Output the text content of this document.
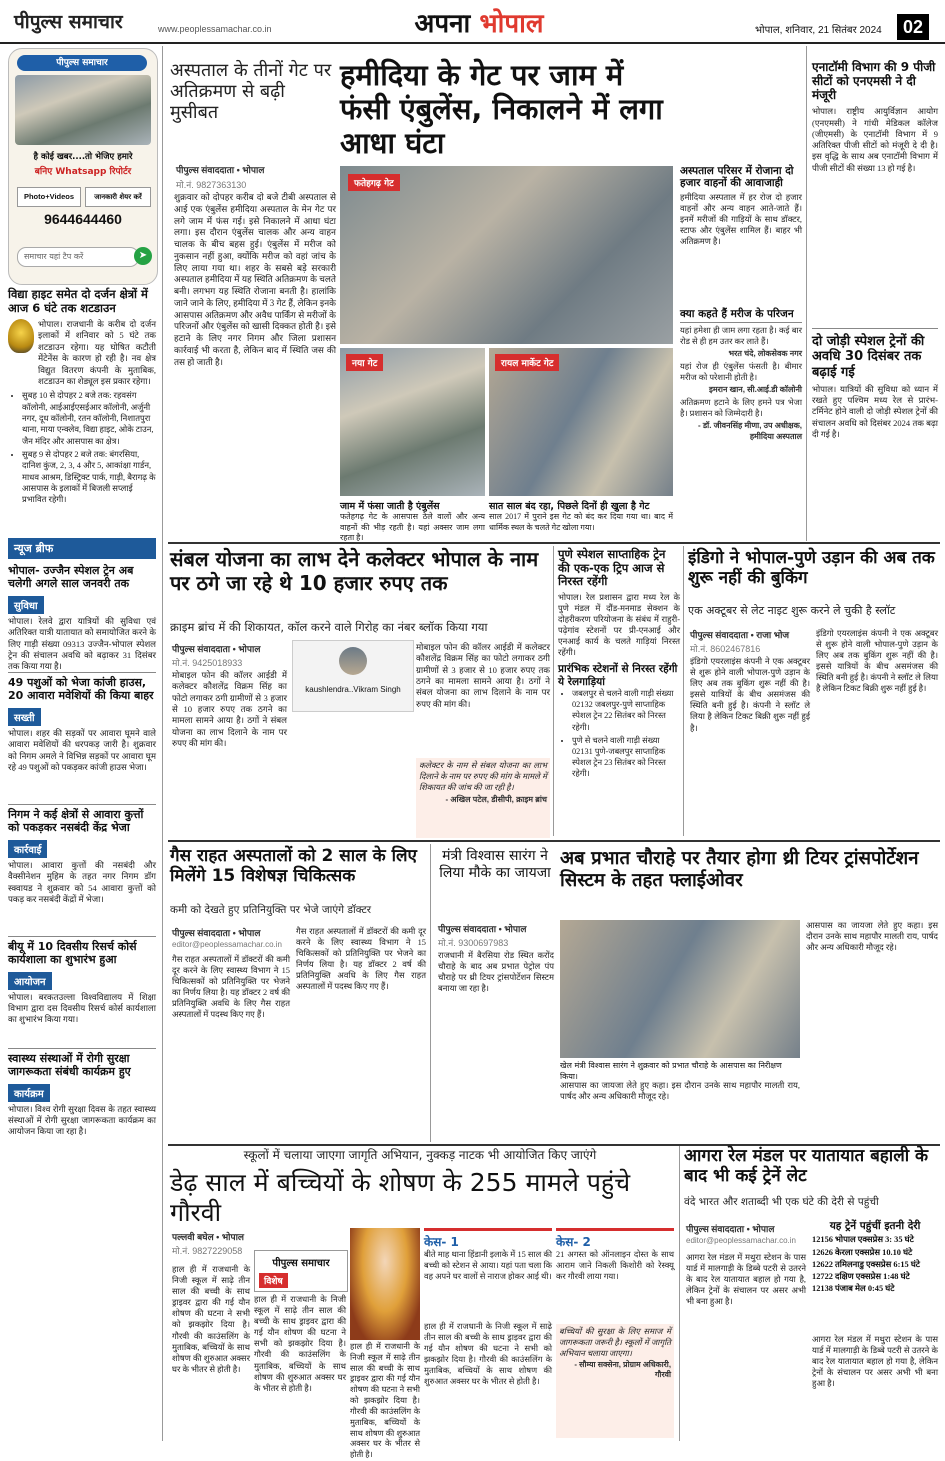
पीपुल्स समाचार	www.peoplessamachar.co.in	अपना भोपाल	भोपाल, शनिवार, 21 सितंबर 2024	02
पीपुल्स समाचार
है कोई खबर....तो भेजिए हमारे
बनिए Whatsapp रिपोर्टर
Photo+Videos	जानकारी शेयर करें
9644644460
समाचार यहां टैप करें	➤
विद्या हाइट समेत दो दर्जन क्षेत्रों में आज 6 घंटे तक शटडाउन
भोपाल। राजधानी के करीब दो दर्जन इलाकों में शनिवार को 5 घंटे तक शटडाउन रहेगा। यह घोषित कटौती मेंटेनेंस के कारण हो रही है। नव क्षेत्र विद्युत वितरण कंपनी के मुताबिक, शटडाउन का शेड्यूल इस प्रकार रहेगा।
• सुबह 10 से दोपहर 2 बजे तक: रहवसंग कॉलोनी, आईआईएसईआर कॉलोनी, अर्जुनी नगर, दूध कॉलोनी, रतन कॉलोनी, निशातपुरा थाना, माया एन्क्लेव, विद्या हाइट, ओके टाउन, जैन मंदिर और आसपास का क्षेत्र।
• सुबह 9 से दोपहर 2 बजे तक: बंगरसिया, दानिश कुंज, 2, 3, 4 और 5, आकांक्षा गार्डन, माधव आश्रम, डिस्ट्रिक्ट पार्क, गाड़ी, बैरागढ़ के आसपास के इलाकों में बिजली सप्लाई प्रभावित रहेगी।
न्यूज ब्रीफ
भोपाल- उज्जैन स्पेशल ट्रेन अब चलेगी अगले साल जनवरी तक
सुविधा
भोपाल। रेलवे द्वारा यात्रियों की सुविधा एवं अतिरिक्त यात्री यातायात को समायोजित करने के लिए गाड़ी संख्या 09313 उज्जैन-भोपाल स्पेशल ट्रेन की संचालन अवधि को बढ़ाकर 31 दिसंबर तक किया गया है।
49 पशुओं को भेजा कांजी हाउस, 20 आवारा मवेशियों की किया बाहर
सख्ती
भोपाल। शहर की सड़कों पर आवारा घूमने वाले आवारा मवेशियों की धरपकड़ जारी है। शुक्रवार को निगम अमले ने विभिन्न सड़कों पर आवारा घूम रहे 49 पशुओं को पकड़कर कांजी हाउस भेजा।
निगम ने कई क्षेत्रों से आवारा कुत्तों को पकड़कर नसबंदी केंद्र भेजा
कार्रवाई
भोपाल। आवारा कुत्तों की नसबंदी और वैक्सीनेशन मुहिम के तहत नगर निगम डॉग स्क्वायड ने शुक्रवार को 54 आवारा कुत्तों को पकड़ कर नसबंदी केंद्रों में भेजा।
बीयू में 10 दिवसीय रिसर्च कोर्स कार्यशाला का शुभारंभ हुआ
आयोजन
भोपाल। बरकतउल्ला विश्वविद्यालय में शिक्षा विभाग द्वारा दस दिवसीय रिसर्च कोर्स कार्यशाला का शुभारंभ किया गया।
स्वास्थ्य संस्थाओं में रोगी सुरक्षा जागरूकता संबंधी कार्यक्रम हुए
कार्यक्रम
भोपाल। विश्व रोगी सुरक्षा दिवस के तहत स्वास्थ्य संस्थाओं में रोगी सुरक्षा जागरूकता कार्यक्रम का आयोजन किया जा रहा है।
अस्पताल के तीनों गेट पर अतिक्रमण से बढ़ी मुसीबत
हमीदिया के गेट पर जाम में फंसी एंबुलेंस, निकालने में लगा आधा घंटा
पीपुल्स संवाददाता • भोपाल
मो.नं. 9827363130
शुक्रवार को दोपहर करीब दो बजे टीबी अस्पताल से आई एक एंबुलेंस हमीदिया अस्पताल के मेन गेट पर लगे जाम में फंस गई। इसे निकालने में आधा घंटा लगा। इस दौरान एंबुलेंस चालक और अन्य वाहन चालक के बीच बहस हुई। एंबुलेंस में मरीज को नुकसान नहीं हुआ, क्योंकि मरीज को वहां जांच के लिए लाया गया था। शहर के सबसे बड़े सरकारी अस्पताल हमीदिया में यह स्थिति अतिक्रमण के चलते बनी। लगभग यह स्थिति रोजाना बनती है। हालांकि जाने जाने के लिए, हमीदिया में 3 गेट हैं, लेकिन इनके आसपास अतिक्रमण और अवैध पार्किंग से मरीजों के परिजनों और एंबुलेंस को खासी दिक्कत होती है। इसे हटाने के लिए नगर निगम और जिला प्रशासन कार्रवाई भी करता है, लेकिन बाद में स्थिति जस की तस हो जाती है।
फतेहगढ़ गेट
नया गेट	रायल मार्केट गेट
जाम में फंसा जाती है एंबुलेंस
फतेहगढ़ गेट के आसपास ठेले वालों और अन्य वाहनों की भीड़ रहती है। यहां अक्सर जाम लगा रहता है।
सात साल बंद रहा, पिछले दिनों ही खुला है गेट
साल 2017 में पुराने इस गेट को बंद कर दिया गया था। बाद में धार्मिक स्थल के चलते गेट खोला गया।
अस्पताल परिसर में रोजाना दो हजार वाहनों की आवाजाही
हमीदिया अस्पताल में हर रोज दो हजार वाहनों और अन्य वाहन आते-जाते हैं। इनमें मरीजों की गाड़ियों के साथ डॉक्टर, स्टाफ और एंबुलेंस शामिल हैं। बाहर भी अतिक्रमण है।
क्या कहते हैं मरीज के परिजन
यहां हमेशा ही जाम लगा रहता है। कई बार रोड से ही हम उतर कर लाते हैं।
भरत चंदे, लोकसेवक नगर
यहां रोज ही एंबुलेंस फंसती है। बीमार मरीज को परेशानी होती है।
इमरान खान, सी.आई.डी कॉलोनी
अतिक्रमण हटाने के लिए हमने पत्र भेजा है। प्रशासन को जिम्मेदारी है।
- डॉ. जीवनसिंह मीणा, उप अधीक्षक, हमीदिया अस्पताल
एनाटॉमी विभाग की 9 पीजी सीटों को एनएमसी ने दी मंजूरी
भोपाल। राष्ट्रीय आयुर्विज्ञान आयोग (एनएमसी) ने गांधी मेडिकल कॉलेज (जीएमसी) के एनाटॉमी विभाग में 9 अतिरिक्त पीजी सीटों को मंजूरी दे दी है। इस वृद्धि के साथ अब एनाटॉमी विभाग में पीजी सीटों की संख्या 13 हो गई है।
दो जोड़ी स्पेशल ट्रेनों की अवधि 30 दिसंबर तक बढ़ाई गई
भोपाल। यात्रियों की सुविधा को ध्यान में रखते हुए पश्चिम मध्य रेल से प्रारंभ-टर्मिनेट होने वाली दो जोड़ी स्पेशल ट्रेनों की संचालन अवधि को दिसंबर 2024 तक बढ़ा दी गई है।
संबल योजना का लाभ देने कलेक्टर भोपाल के नाम पर ठगे जा रहे थे 10 हजार रुपए तक
क्राइम ब्रांच में की शिकायत, कॉल करने वाले गिरोह का नंबर ब्लॉक किया गया
पीपुल्स संवाददाता • भोपाल
मो.नं. 9425018933
मोबाइल फोन की कॉलर आईडी में कलेक्टर कौशलेंद्र विक्रम सिंह का फोटो लगाकर ठगी ग्रामीणों से 3 हजार से 10 हजार रुपए तक ठगने का मामला सामने आया है। ठगों ने संबल योजना का लाभ दिलाने के नाम पर रुपए की मांग की।
kaushlendra..Vikram Singh
मोबाइल फोन की कॉलर आईडी में कलेक्टर कौशलेंद्र विक्रम सिंह का फोटो लगाकर ठगी ग्रामीणों से 3 हजार से 10 हजार रुपए तक ठगने का मामला सामने आया है। ठगों ने संबल योजना का लाभ दिलाने के नाम पर रुपए की मांग की।
कलेक्टर के नाम से संबल योजना का लाभ दिलाने के नाम पर रुपए की मांग के मामले में शिकायत की जांच की जा रही है।
- अखिल पटेल, डीसीपी, क्राइम ब्रांच
पुणे स्पेशल साप्ताहिक ट्रेन की एक-एक ट्रिप आज से निरस्त रहेंगी
भोपाल। रेल प्रशासन द्वारा मध्य रेल के पुणे मंडल में दौंड-मनमाड सेक्शन के दोहरीकरण परियोजना के संबंध में राहुरी-पढ़ेगांव स्टेशनों पर प्री-एनआई और एनआई कार्य के चलते गाड़ियां निरस्त रहेंगी।
प्रारंभिक स्टेशनों से निरस्त रहेंगी ये रेलगाड़ियां
• जबलपुर से चलने वाली गाड़ी संख्या 02132 जबलपुर-पुणे साप्ताहिक स्पेशल ट्रेन 22 सितंबर को निरस्त रहेगी।
• पुणे से चलने वाली गाड़ी संख्या 02131 पुणे-जबलपुर साप्ताहिक स्पेशल ट्रेन 23 सितंबर को निरस्त रहेगी।
इंडिगो ने भोपाल-पुणे उड़ान की अब तक शुरू नहीं की बुकिंग
एक अक्टूबर से लेट नाइट शुरू करने ले चुकी है स्लॉट
पीपुल्स संवाददाता • राजा भोज
मो.नं. 8602467816
इंडिगो एयरलाइंस कंपनी ने एक अक्टूबर से शुरू होने वाली भोपाल-पुणे उड़ान के लिए अब तक बुकिंग शुरू नहीं की है। इससे यात्रियों के बीच असमंजस की स्थिति बनी हुई है। कंपनी ने स्लॉट ले लिया है लेकिन टिकट बिक्री शुरू नहीं हुई है।
इंडिगो एयरलाइंस कंपनी ने एक अक्टूबर से शुरू होने वाली भोपाल-पुणे उड़ान के लिए अब तक बुकिंग शुरू नहीं की है। इससे यात्रियों के बीच असमंजस की स्थिति बनी हुई है। कंपनी ने स्लॉट ले लिया है लेकिन टिकट बिक्री शुरू नहीं हुई है।
गैस राहत अस्पतालों को 2 साल के लिए मिलेंगे 15 विशेषज्ञ चिकित्सक
कमी को देखते हुए प्रतिनियुक्ति पर भेजे जाएंगे डॉक्टर
पीपुल्स संवाददाता • भोपाल
editor@peoplessamachar.co.in
गैस राहत अस्पतालों में डॉक्टरों की कमी दूर करने के लिए स्वास्थ्य विभाग ने 15 चिकित्सकों को प्रतिनियुक्ति पर भेजने का निर्णय लिया है। यह डॉक्टर 2 वर्ष की प्रतिनियुक्ति अवधि के लिए गैस राहत अस्पतालों में पदस्थ किए गए हैं।
गैस राहत अस्पतालों में डॉक्टरों की कमी दूर करने के लिए स्वास्थ्य विभाग ने 15 चिकित्सकों को प्रतिनियुक्ति पर भेजने का निर्णय लिया है। यह डॉक्टर 2 वर्ष की प्रतिनियुक्ति अवधि के लिए गैस राहत अस्पतालों में पदस्थ किए गए हैं।
मंत्री विश्वास सारंग ने लिया मौके का जायजा
पीपुल्स संवाददाता • भोपाल
मो.नं. 9300697983
राजधानी में बैरसिया रोड स्थित करोंद चौराहे के बाद अब प्रभात पेट्रोल पंप चौराहे पर थ्री टियर ट्रांसपोर्टेशन सिस्टम बनाया जा रहा है।
अब प्रभात चौराहे पर तैयार होगा थ्री टियर ट्रांसपोर्टेशन सिस्टम के तहत फ्लाईओवर
खेल मंत्री विश्वास सारंग ने शुक्रवार को प्रभात चौराहे के आसपास का निरीक्षण किया।
आसपास का जायजा लेते हुए कहा। इस दौरान उनके साथ महापौर मालती राय, पार्षद और अन्य अधिकारी मौजूद रहे।
आसपास का जायजा लेते हुए कहा। इस दौरान उनके साथ महापौर मालती राय, पार्षद और अन्य अधिकारी मौजूद रहे।
स्कूलों में चलाया जाएगा जागृति अभियान, नुक्कड़ नाटक भी आयोजित किए जाएंगे
डेढ़ साल में बच्चियों के शोषण के 255 मामले पहुंचे गौरवी
पल्लवी बघेल • भोपाल
मो.नं. 9827229058
हाल ही में राजधानी के निजी स्कूल में साढ़े तीन साल की बच्ची के साथ ड्राइवर द्वारा की गई यौन शोषण की घटना ने सभी को झकझोर दिया है। गौरवी की काउंसलिंग के मुताबिक, बच्चियों के साथ शोषण की शुरुआत अक्सर घर के भीतर से होती है।
पीपुल्स समाचार
विशेष
हाल ही में राजधानी के निजी स्कूल में साढ़े तीन साल की बच्ची के साथ ड्राइवर द्वारा की गई यौन शोषण की घटना ने सभी को झकझोर दिया है। गौरवी की काउंसलिंग के मुताबिक, बच्चियों के साथ शोषण की शुरुआत अक्सर घर के भीतर से होती है।
हाल ही में राजधानी के निजी स्कूल में साढ़े तीन साल की बच्ची के साथ ड्राइवर द्वारा की गई यौन शोषण की घटना ने सभी को झकझोर दिया है। गौरवी की काउंसलिंग के मुताबिक, बच्चियों के साथ शोषण की शुरुआत अक्सर घर के भीतर से होती है।
केस- 1
बीते माह थाना हिंडानी इलाके में 15 साल की बच्ची को स्टेशन से आया। यहां पता चला कि वह अपने घर वालों से नाराज होकर आई थी।
हाल ही में राजधानी के निजी स्कूल में साढ़े तीन साल की बच्ची के साथ ड्राइवर द्वारा की गई यौन शोषण की घटना ने सभी को झकझोर दिया है। गौरवी की काउंसलिंग के मुताबिक, बच्चियों के साथ शोषण की शुरुआत अक्सर घर के भीतर से होती है।
केस- 2
21 अगस्त को ऑनलाइन दोस्त के साथ आराम जाने निकली किशोरी को रेस्क्यू कर गौरवी लाया गया।
बच्चियों की सुरक्षा के लिए समाज में जागरूकता जरूरी है। स्कूलों में जागृति अभियान चलाया जाएगा।
- सौम्या सक्सेना, प्रोग्राम अधिकारी, गौरवी
आगरा रेल मंडल पर यातायात बहाली के बाद भी कई ट्रेनें लेट
वंदे भारत और शताब्दी भी एक घंटे की देरी से पहुंची
पीपुल्स संवाददाता • भोपाल
editor@peoplessamachar.co.in
आगरा रेल मंडल में मथुरा स्टेशन के पास यार्ड में मालगाड़ी के डिब्बे पटरी से उतरने के बाद रेल यातायात बहाल हो गया है, लेकिन ट्रेनों के संचालन पर असर अभी भी बना हुआ है।
यह ट्रेनें पहुंचीं इतनी देरी
12156 भोपाल एक्सप्रेस 3: 35 घंटे
12626 केरला एक्सप्रेस 10.10 घंटे
12622 तमिलनाडु एक्सप्रेस 6:15 घंटे
12722 दक्षिण एक्सप्रेस 1:48 घंटे
12138 पंजाब मेल 0:45 घंटे
आगरा रेल मंडल में मथुरा स्टेशन के पास यार्ड में मालगाड़ी के डिब्बे पटरी से उतरने के बाद रेल यातायात बहाल हो गया है, लेकिन ट्रेनों के संचालन पर असर अभी भी बना हुआ है।
